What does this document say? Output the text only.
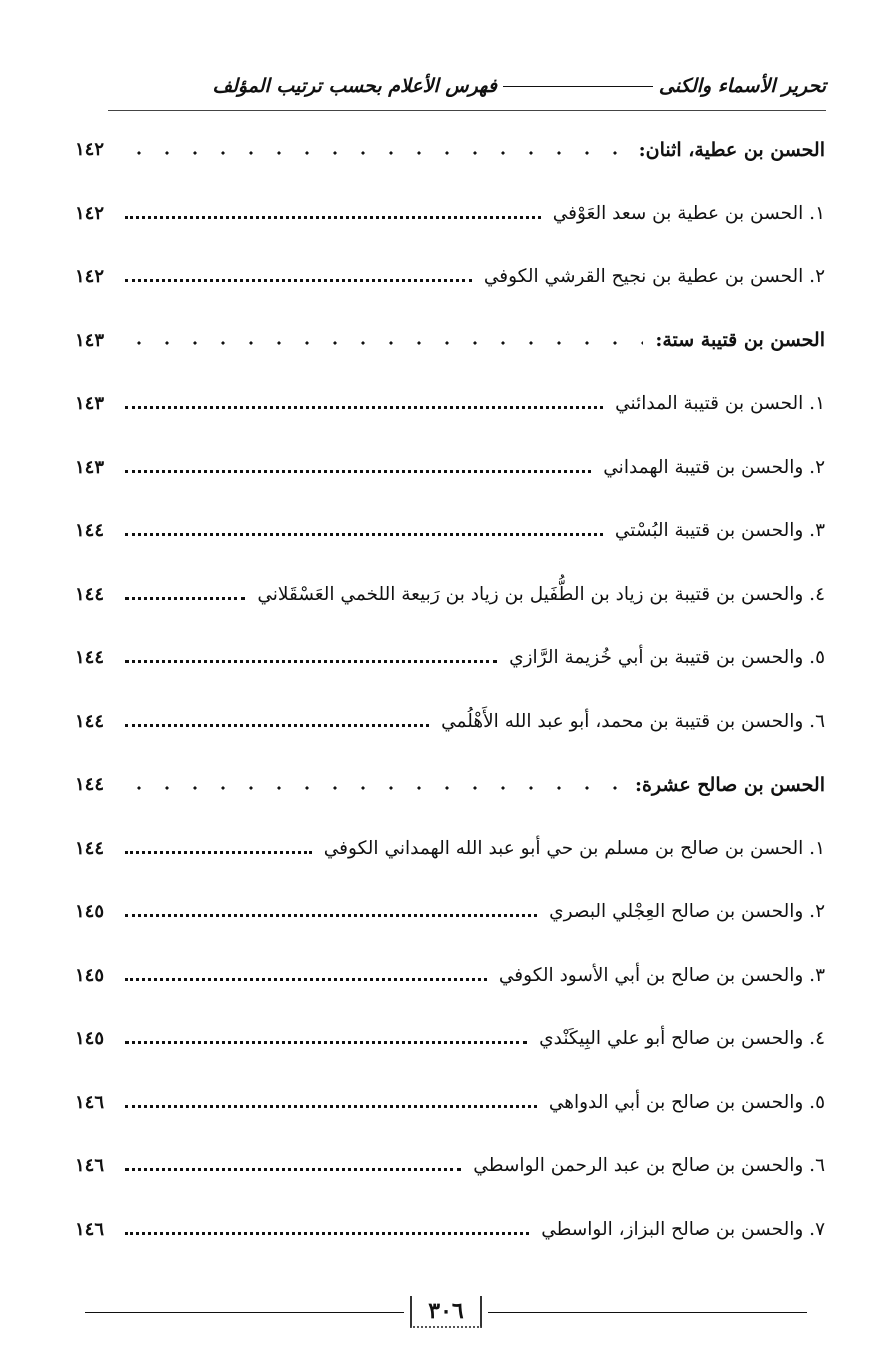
تحرير الأسماء والكنى
فهرس الأعلام بحسب ترتيب المؤلف
الحسن بن عطية، اثنان:
١٤٢
١. الحسن بن عطية بن سعد العَوْفي
١٤٢
٢. الحسن بن عطية بن نجيح القرشي الكوفي
١٤٢
الحسن بن قتيبة ستة:
١٤٣
١. الحسن بن قتيبة المدائني
١٤٣
٢. والحسن بن قتيبة الهمداني
١٤٣
٣. والحسن بن قتيبة البُسْتي
١٤٤
٤. والحسن بن قتيبة بن زياد بن الطُّفَيل بن زياد بن رَبيعة اللخمي العَسْقَلاني
١٤٤
٥. والحسن بن قتيبة بن أبي خُزيمة الرَّازي
١٤٤
٦. والحسن بن قتيبة بن محمد، أبو عبد الله الأَهْلُمي
١٤٤
الحسن بن صالح عشرة:
١٤٤
١. الحسن بن صالح بن مسلم بن حي أبو عبد الله الهمداني الكوفي
١٤٤
٢. والحسن بن صالح العِجْلي البصري
١٤٥
٣. والحسن بن صالح بن أبي الأسود الكوفي
١٤٥
٤. والحسن بن صالح أبو علي البِيكَنْدي
١٤٥
٥. والحسن بن صالح بن أبي الدواهي
١٤٦
٦. والحسن بن صالح بن عبد الرحمن الواسطي
١٤٦
٧. والحسن بن صالح البزاز، الواسطي
١٤٦
٣٠٦
